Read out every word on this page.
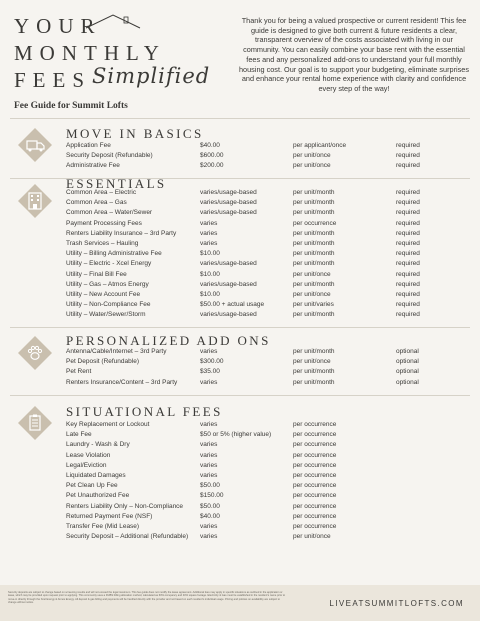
YOUR
MONTHLY
FEES Simplified
Fee Guide for Summit Lofts
Thank you for being a valued prospective or current resident! This fee guide is designed to give both current & future residents a clear, transparent overview of the costs associated with living in our community. You can easily combine your base rent with the essential fees and any personalized add-ons to understand your full monthly housing cost. Our goal is to support your budgeting, eliminate surprises and enhance your rental home experience with clarity and confidence every step of the way!
MOVE IN BASICS
Application Fee	$40.00	per applicant/once	required
Security Deposit (Refundable)	$600.00	per unit/once	required
Administrative Fee	$200.00	per unit/once	required
ESSENTIALS
Common Area – Electric	varies/usage-based	per unit/month	required
Common Area – Gas	varies/usage-based	per unit/month	required
Common Area – Water/Sewer	varies/usage-based	per unit/month	required
Payment Processing Fees	varies	per occurrence	required
Renters Liability Insurance – 3rd Party	varies	per unit/month	required
Trash Services – Hauling	varies	per unit/month	required
Utility – Billing Administrative Fee	$10.00	per unit/month	required
Utility – Electric - Xcel Energy	varies/usage-based	per unit/month	required
Utility – Final Bill Fee	$10.00	per unit/once	required
Utility – Gas – Atmos Energy	varies/usage-based	per unit/month	required
Utility – New Account Fee	$10.00	per unit/once	required
Utility – Non-Compliance Fee	$50.00 + actual usage	per unit/varies	required
Utility – Water/Sewer/Storm	varies/usage-based	per unit/month	required
PERSONALIZED ADD ONS
Antenna/Cable/Internet – 3rd Party	varies	per unit/month	optional
Pet Deposit (Refundable)	$300.00	per unit/once	optional
Pet Rent	$35.00	per unit/month	optional
Renters Insurance/Content – 3rd Party	varies	per unit/month	optional
SITUATIONAL FEES
Key Replacement or Lockout	varies	per occurrence
Late Fee	$50 or 5% (higher value)	per occurrence
Laundry - Wash & Dry	varies	per occurrence
Lease Violation	varies	per occurrence
Legal/Eviction	varies	per occurrence
Liquidated Damages	varies	per occurrence
Pet Clean Up Fee	$50.00	per occurrence
Pet Unauthorized Fee	$150.00	per occurrence
Renters Liability Only – Non-Compliance	$50.00	per occurrence
Returned Payment Fee (NSF)	$40.00	per occurrence
Transfer Fee (Mid Lease)	varies	per occurrence
Security Deposit – Additional (Refundable)	varies	per unit/once
Security deposits are subject to change based on screening results and will not exceed the legal maximum. This fee guide does not modify the lease agreement. Additional fees may apply in specific situations as outlined in the application or lease, which may be provided upon request prior to applying. This community uses a RUBS billing allocation method, calculated as 60% occupancy and 40% square footage. Electricity & Gas must be established in the resident's name prior to move-in directly through the Xcel Energy & Atmos Energy. All deposit & gas billing and payments will be handled directly with the provider and not based on each resident's individual usage. Pricing and policies on availability are subject to change without notice.	LIVEATSUMMITLOFTS.COM
